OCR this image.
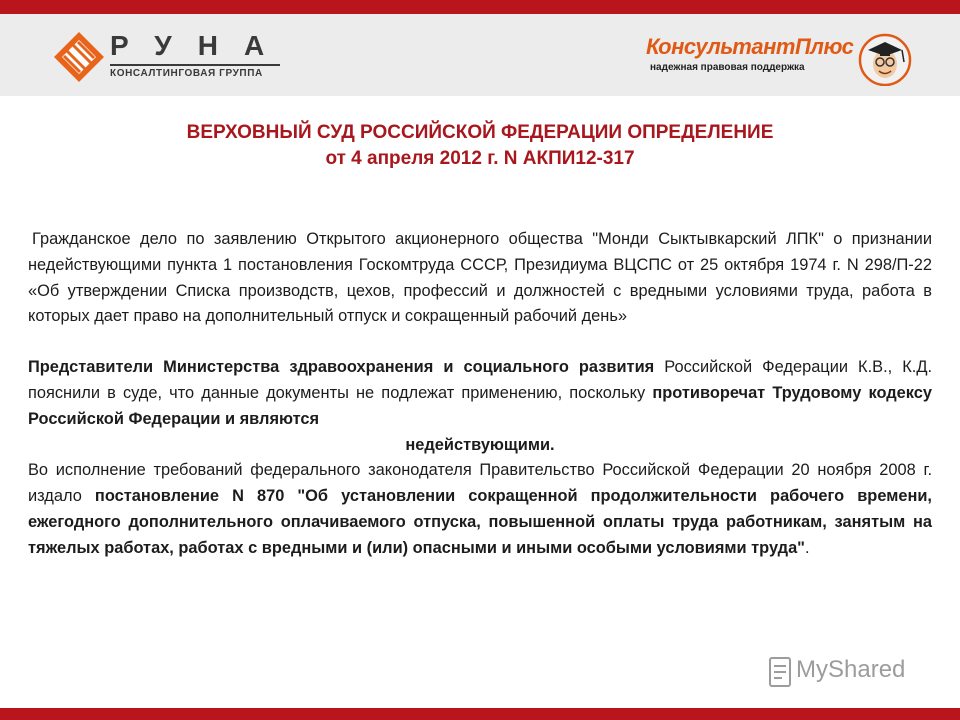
РУНА
КОНСАЛТИНГОВАЯ ГРУППА
КонсультантПлюс
надежная правовая поддержка
ВЕРХОВНЫЙ СУД РОССИЙСКОЙ ФЕДЕРАЦИИ ОПРЕДЕЛЕНИЕ
от 4 апреля 2012 г. N АКПИ12-317

Гражданское дело по заявлению Открытого акционерного общества "Монди Сыктывкарский ЛПК" о признании недействующими пункта 1 постановления Госкомтруда СССР, Президиума ВЦСПС от 25 октября 1974 г. N 298/П-22 «Об утверждении Списка производств, цехов, профессий и должностей с вредными условиями труда, работа в которых дает право на дополнительный отпуск и сокращенный рабочий день»

Представители Министерства здравоохранения и социального развития Российской Федерации К.В., К.Д. пояснили в суде, что данные документы не подлежат применению, поскольку противоречат Трудовому кодексу Российской Федерации и являются

недействующими.

Во исполнение требований федерального законодателя Правительство Российской Федерации 20 ноября 2008 г. издало постановление N 870 "Об установлении сокращенной продолжительности рабочего времени, ежегодного дополнительного оплачиваемого отпуска, повышенной оплаты труда работникам, занятым на тяжелых работах, работах с вредными и (или) опасными и иными особыми условиями труда".

MyShared
